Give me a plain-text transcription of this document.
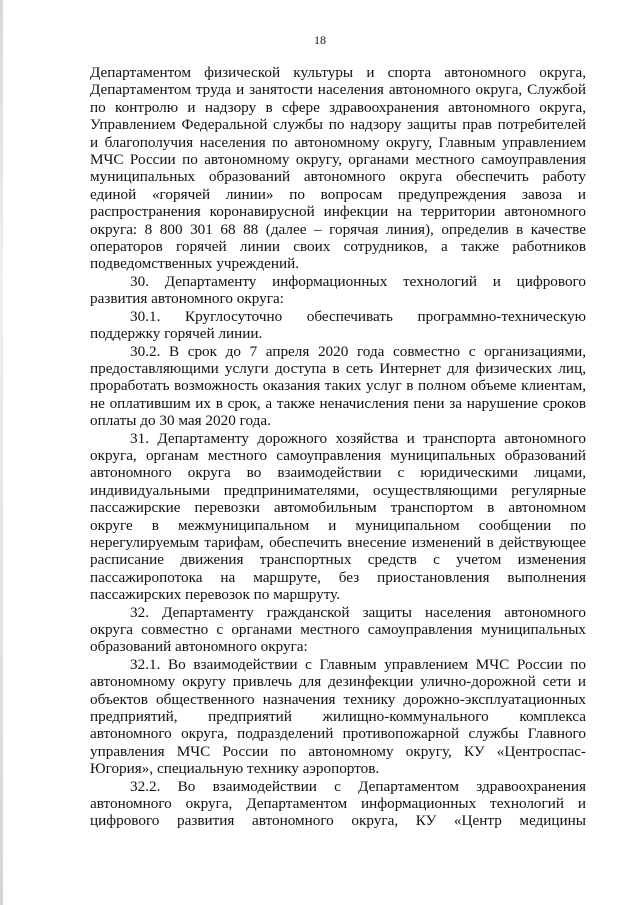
18

Департаментом физической культуры и спорта автономного округа,

Департаментом труда и занятости населения автономного округа, Службой

по контролю и надзору в сфере здравоохранения автономного округа,

Управлением Федеральной службы по надзору защиты прав потребителей

и благополучия населения по автономному округу, Главным управлением

МЧС России по автономному округу, органами местного самоуправления

муниципальных образований автономного округа обеспечить работу

единой «горячей линии» по вопросам предупреждения завоза и

распространения коронавирусной инфекции на территории автономного

округа: 8 800 301 68 88 (далее – горячая линия), определив в качестве

операторов горячей линии своих сотрудников, а также работников

подведомственных учреждений.

30. Департаменту информационных технологий и цифрового

развития автономного округа:

30.1. Круглосуточно обеспечивать программно-техническую

поддержку горячей линии.

30.2. В срок до 7 апреля 2020 года совместно с организациями,

предоставляющими услуги доступа в сеть Интернет для физических лиц,

проработать возможность оказания таких услуг в полном объеме клиентам,

не оплатившим их в срок, а также неначисления пени за нарушение сроков

оплаты до 30 мая 2020 года.

31. Департаменту дорожного хозяйства и транспорта автономного

округа, органам местного самоуправления муниципальных образований

автономного округа во взаимодействии с юридическими лицами,

индивидуальными предпринимателями, осуществляющими регулярные

пассажирские перевозки автомобильным транспортом в автономном

округе в межмуниципальном и муниципальном сообщении по

нерегулируемым тарифам, обеспечить внесение изменений в действующее

расписание движения транспортных средств с учетом изменения

пассажиропотока на маршруте, без приостановления выполнения

пассажирских перевозок по маршруту.

32. Департаменту гражданской защиты населения автономного

округа совместно с органами местного самоуправления муниципальных

образований автономного округа:

32.1. Во взаимодействии с Главным управлением МЧС России по

автономному округу привлечь для дезинфекции улично-дорожной сети и

объектов общественного назначения технику дорожно-эксплуатационных

предприятий, предприятий жилищно-коммунального комплекса

автономного округа, подразделений противопожарной службы Главного

управления МЧС России по автономному округу, КУ «Центроспас-

Югория», специальную технику аэропортов.

32.2. Во взаимодействии с Департаментом здравоохранения

автономного округа, Департаментом информационных технологий и

цифрового развития автономного округа, КУ «Центр медицины
